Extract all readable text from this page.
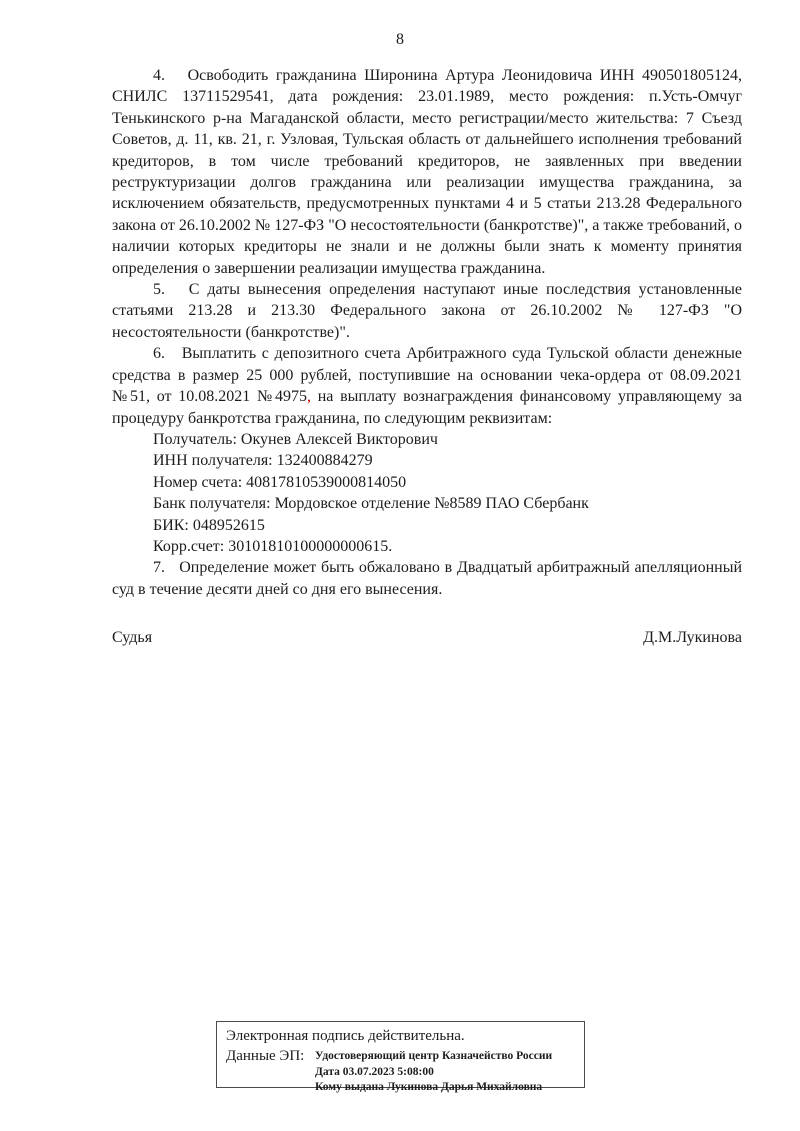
8

4.   Освободить гражданина Широнина Артура Леонидовича ИНН 490501805124, СНИЛС 13711529541, дата рождения: 23.01.1989, место рождения: п.Усть-Омчуг Тенькинского р-на Магаданской области, место регистрации/место жительства: 7 Съезд Советов, д. 11, кв. 21, г. Узловая, Тульская область от дальнейшего исполнения требований кредиторов, в том числе требований кредиторов, не заявленных при введении реструктуризации долгов гражданина или реализации имущества гражданина, за исключением обязательств, предусмотренных пунктами 4 и 5 статьи 213.28 Федерального закона от 26.10.2002 № 127-ФЗ "О несостоятельности (банкротстве)", а также требований, о наличии которых кредиторы не знали и не должны были знать к моменту принятия определения о завершении реализации имущества гражданина.

5.   С даты вынесения определения наступают иные последствия установленные статьями 213.28 и 213.30 Федерального закона от 26.10.2002 № 127-ФЗ "О несостоятельности (банкротстве)".

6.   Выплатить с депозитного счета Арбитражного суда Тульской области денежные средства в размер 25 000 рублей, поступившие на основании чека-ордера от 08.09.2021 №51, от 10.08.2021 №4975, на выплату вознаграждения финансовому управляющему за процедуру банкротства гражданина, по следующим реквизитам:

Получатель: Окунев Алексей Викторович
ИНН получателя: 132400884279
Номер счета: 40817810539000814050
Банк получателя: Мордовское отделение №8589 ПАО Сбербанк
БИК: 048952615
Корр.счет: 30101810100000000615.

7.   Определение может быть обжаловано в Двадцатый арбитражный апелляционный суд в течение десяти дней со дня его вынесения.

Судья	Д.М.Лукинова
Электронная подпись действительна.
Данные ЭП: Удостоверяющий центр Казначейство России
Дата 03.07.2023 5:08:00
Кому выдана Лукинова Дарья Михайловна
